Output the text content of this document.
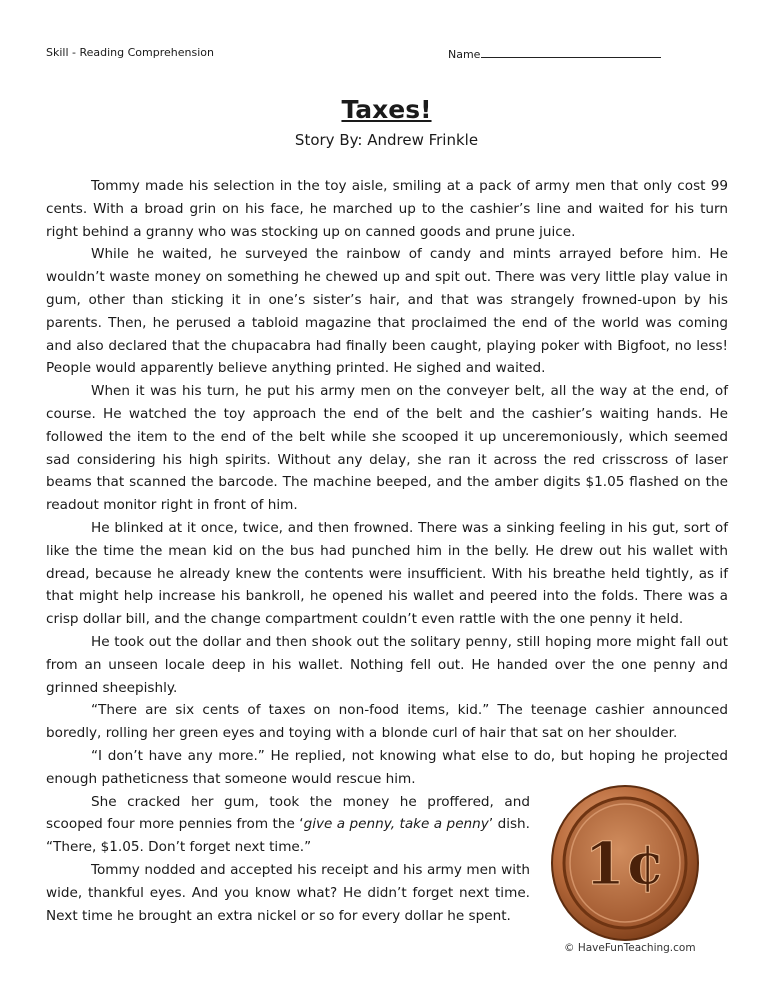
Skill - Reading Comprehension	Name
Taxes!
Story By: Andrew Frinkle

Tommy made his selection in the toy aisle, smiling at a pack of army men that only cost 99 cents. With a broad grin on his face, he marched up to the cashier’s line and waited for his turn right behind a granny who was stocking up on canned goods and prune juice.

While he waited, he surveyed the rainbow of candy and mints arrayed before him. He wouldn’t waste money on something he chewed up and spit out. There was very little play value in gum, other than sticking it in one’s sister’s hair, and that was strangely frowned-upon by his parents. Then, he perused a tabloid magazine that proclaimed the end of the world was coming and also declared that the chupacabra had finally been caught, playing poker with Bigfoot, no less! People would apparently believe anything printed. He sighed and waited.

When it was his turn, he put his army men on the conveyer belt, all the way at the end, of course. He watched the toy approach the end of the belt and the cashier’s waiting hands. He followed the item to the end of the belt while she scooped it up unceremoniously, which seemed sad considering his high spirits. Without any delay, she ran it across the red crisscross of laser beams that scanned the barcode. The machine beeped, and the amber digits $1.05 flashed on the readout monitor right in front of him.

He blinked at it once, twice, and then frowned. There was a sinking feeling in his gut, sort of like the time the mean kid on the bus had punched him in the belly. He drew out his wallet with dread, because he already knew the contents were insufficient. With his breathe held tightly, as if that might help increase his bankroll, he opened his wallet and peered into the folds. There was a crisp dollar bill, and the change compartment couldn’t even rattle with the one penny it held.

He took out the dollar and then shook out the solitary penny, still hoping more might fall out from an unseen locale deep in his wallet. Nothing fell out. He handed over the one penny and grinned sheepishly.

“There are six cents of taxes on non-food items, kid.” The teenage cashier announced boredly, rolling her green eyes and toying with a blonde curl of hair that sat on her shoulder.

“I don’t have any more.” He replied, not knowing what else to do, but hoping he projected enough patheticness that someone would rescue him.

She cracked her gum, took the money he proffered, and scooped four more pennies from the ‘give a penny, take a penny’ dish. “There, $1.05. Don’t forget next time.”

Tommy nodded and accepted his receipt and his army men with wide, thankful eyes. And you know what? He didn’t forget next time. Next time he brought an extra nickel or so for every dollar he spent.

1¢
© HaveFunTeaching.com
